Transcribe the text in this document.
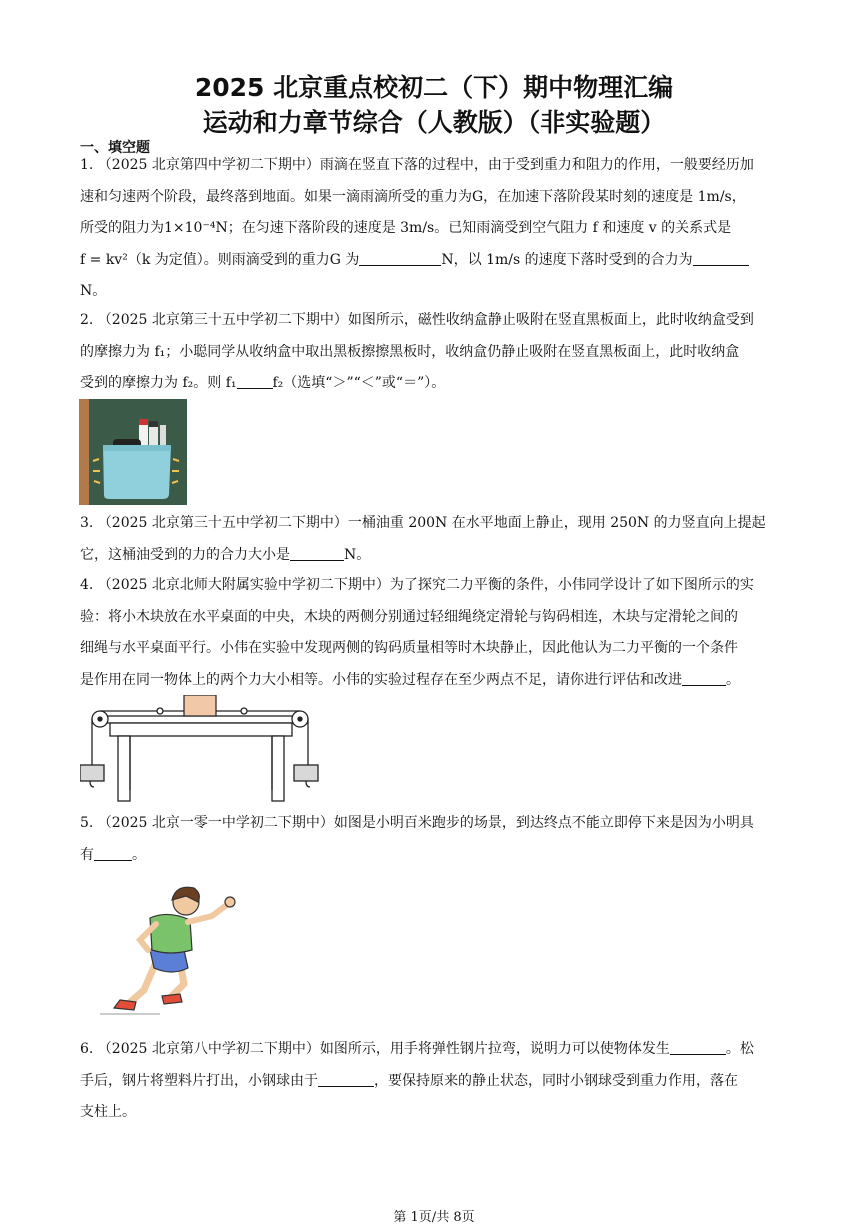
2025 北京重点校初二（下）期中物理汇编
运动和力章节综合（人教版）（非实验题）
一、填空题

1. （2025 北京第四中学初二下期中）雨滴在竖直下落的过程中，由于受到重力和阻力的作用，一般要经历加

速和匀速两个阶段，最终落到地面。如果一滴雨滴所受的重力为G，在加速下落阶段某时刻的速度是 1m/s，

所受的阻力为1×10⁻⁴N；在匀速下落阶段的速度是 3m/s。已知雨滴受到空气阻力 f 和速度 v 的关系式是

f = kv²（k 为定值）。则雨滴受到的重力G 为	N，以 1m/s 的速度下落时受到的合力为

N。

2. （2025 北京第三十五中学初二下期中）如图所示，磁性收纳盒静止吸附在竖直黑板面上，此时收纳盒受到

的摩擦力为 f₁；小聪同学从收纳盒中取出黑板擦擦黑板时，收纳盒仍静止吸附在竖直黑板面上，此时收纳盒

受到的摩擦力为 f₂。则 f₁	f₂（选填“＞”“＜”或“＝”）。

3. （2025 北京第三十五中学初二下期中）一桶油重 200N 在水平地面上静止，现用 250N 的力竖直向上提起

它，这桶油受到的力的合力大小是	N。

4. （2025 北京北师大附属实验中学初二下期中）为了探究二力平衡的条件，小伟同学设计了如下图所示的实

验：将小木块放在水平桌面的中央，木块的两侧分别通过轻细绳绕定滑轮与钩码相连，木块与定滑轮之间的

细绳与水平桌面平行。小伟在实验中发现两侧的钩码质量相等时木块静止，因此他认为二力平衡的一个条件

是作用在同一物体上的两个力大小相等。小伟的实验过程存在至少两点不足，请你进行评估和改进	。

5. （2025 北京一零一中学初二下期中）如图是小明百米跑步的场景，到达终点不能立即停下来是因为小明具

有	。

6. （2025 北京第八中学初二下期中）如图所示，用手将弹性钢片拉弯，说明力可以使物体发生	。松

手后，钢片将塑料片打出，小钢球由于	，要保持原来的静止状态，同时小钢球受到重力作用，落在

支柱上。

第 1页/共 8页
